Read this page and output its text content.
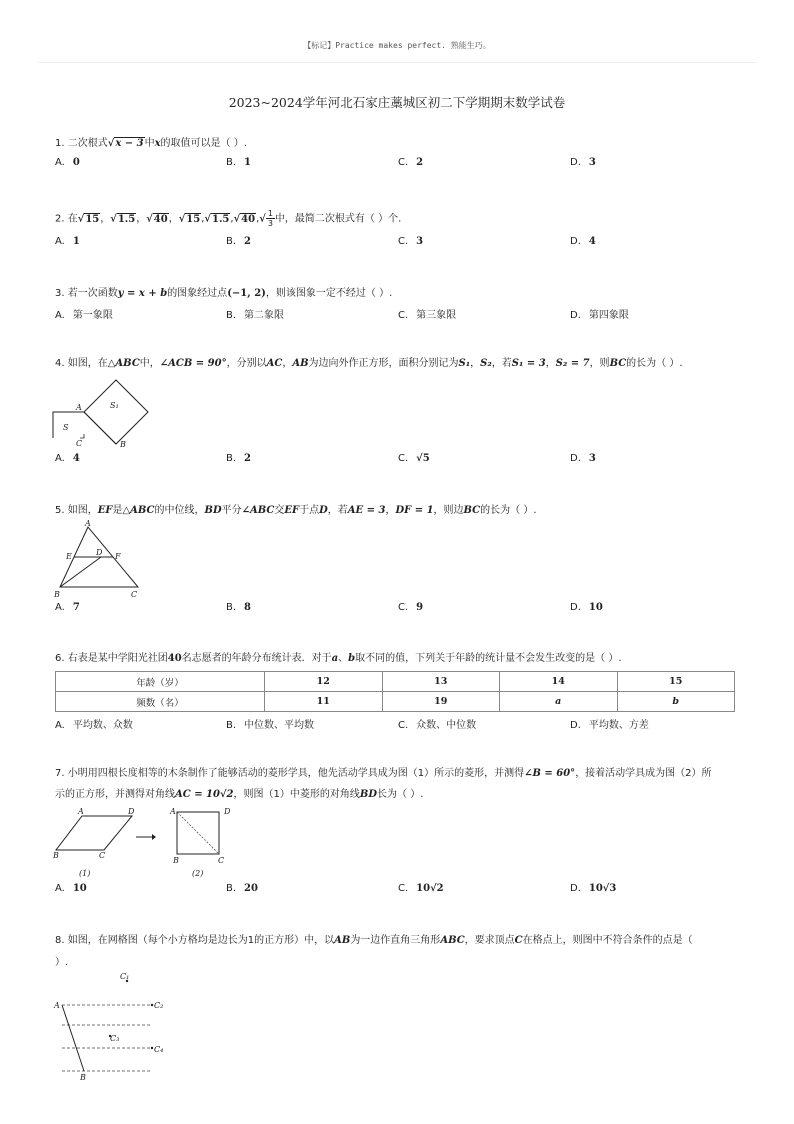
【标记】Practice makes perfect. 熟能生巧。
2023~2024学年河北石家庄藁城区初二下学期期末数学试卷
1. 二次根式√x − 3中x的取值可以是（ ）.
A. 0	B. 1	C. 2	D. 3
2. 在√15，√1.5，√40，$√15,√1.5,√40,√ \frac{1}{3}$ 中，最简二次根式有（ ）个.
A. 1	B. 2	C. 3	D. 4
3. 若一次函数y = x + b的图象经过点(−1, 2)，则该图象一定不经过（ ）.
A. 第一象限	B. 第二象限	C. 第三象限	D. 第四象限
4. 如图，在△ABC中，∠ACB = 90°，分别以AC，AB为边向外作正方形，面积分别记为S₁，S₂，若S₁ = 3，S₂ = 7，则BC的长为（ ）.
A	S₁
S
C	B
A. 4	B. 2	C. √5	D. 3
5. 如图，EF是△ABC的中位线，BD平分∠ABC交EF于点D，若AE = 3，DF = 1，则边BC的长为（ ）.
A
E	D F
B	C
A. 7	B. 8	C. 9	D. 10
6. 右表是某中学阳光社团40名志愿者的年龄分布统计表．对于a、b取不同的值，下列关于年龄的统计量不会发生改变的是（ ）.
年龄（岁）	12	13	14	15
频数（名）	11	19	a	b
A. 平均数、众数	B. 中位数、平均数	C. 众数、中位数	D. 平均数、方差
7. 小明用四根长度相等的木条制作了能够活动的菱形学具，他先活动学具成为图（1）所示的菱形，并测得∠B = 60°，接着活动学具成为图（2）所
示的正方形，并测得对角线AC = 10√2，则图（1）中菱形的对角线BD长为（ ）.
A	D
B	C
(1)
A	D
B	C
(2)
A. 10	B. 20	C. 10√2	D. 10√3
8. 如图，在网格图（每个小方格均是边长为1的正方形）中，以AB为一边作直角三角形ABC，要求顶点C在格点上，则图中不符合条件的点是（
）.
C₁
A	C₂
C₃
C₄
B
